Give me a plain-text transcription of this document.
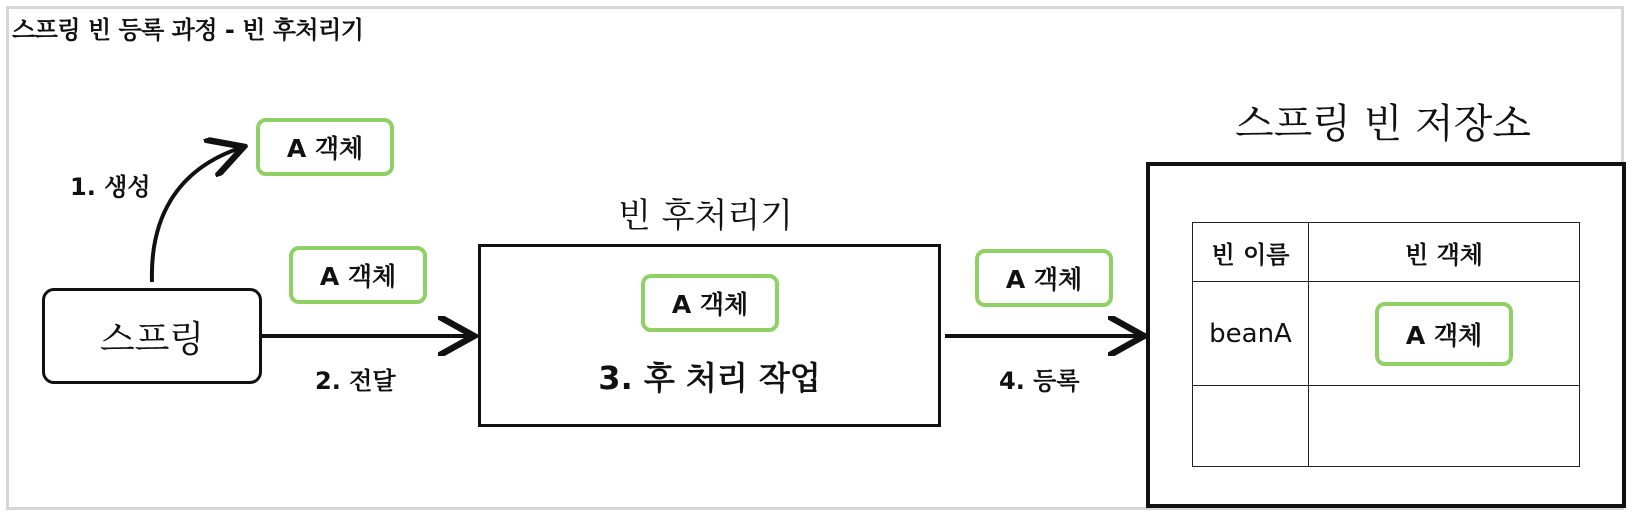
스프링 빈 등록 과정 - 빈 후처리기
스프링
A 객체
1. 생성
A 객체
2. 전달
빈 후처리기
A 객체
3. 후 처리 작업
A 객체
4. 등록
스프링 빈 저장소
빈 이름	빈 객체
beanA	A 객체
